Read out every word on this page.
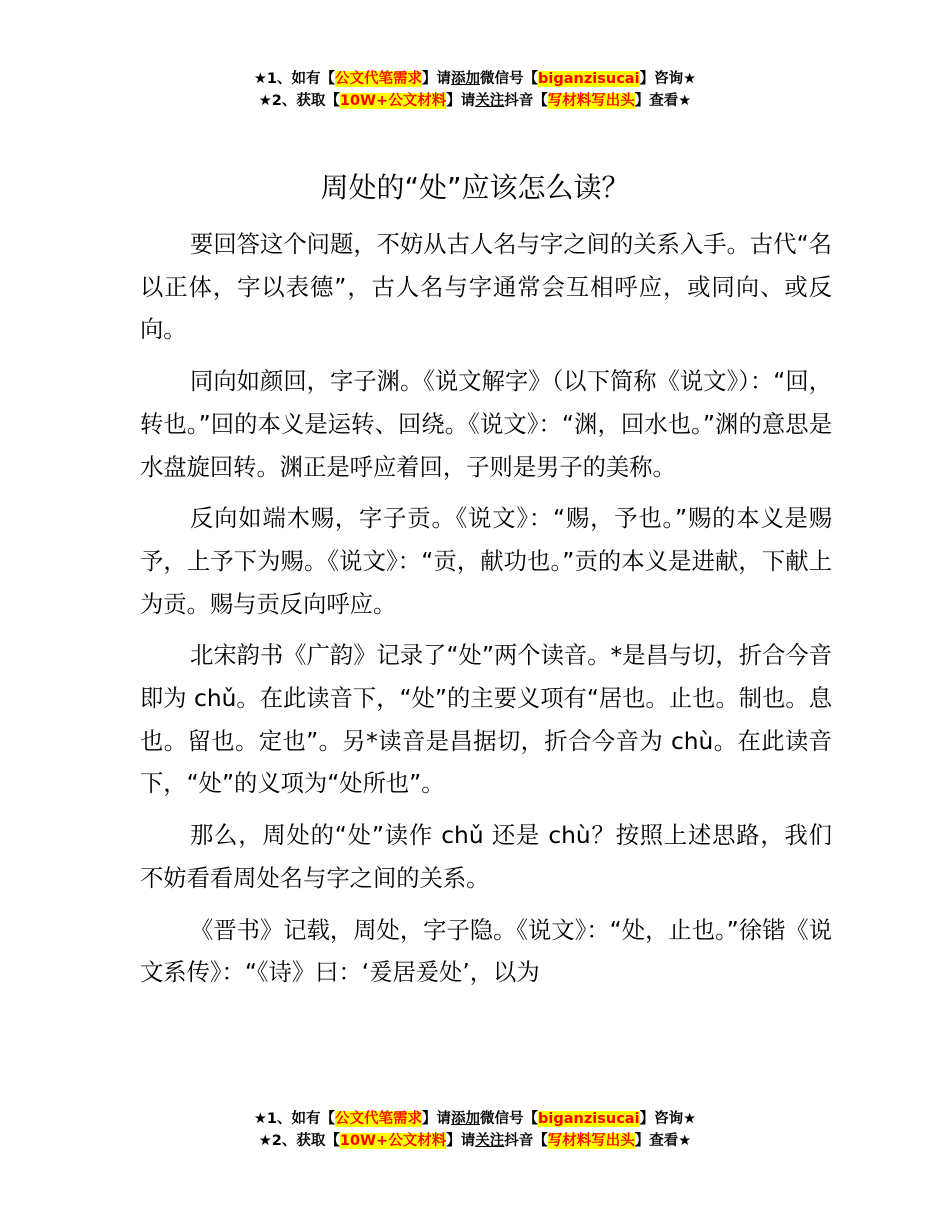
★1、如有【公文代笔需求】请添加微信号【biganzisucai】咨询★
★2、获取【10W+公文材料】请关注抖音【写材料写出头】查看★
周处的“处”应该怎么读？

要回答这个问题，不妨从古人名与字之间的关系入手。古代“名以正体，字以表德”，古人名与字通常会互相呼应，或同向、或反向。

同向如颜回，字子渊。《说文解字》（以下简称《说文》）：“回，转也。”回的本义是运转、回绕。《说文》：“渊，回水也。”渊的意思是水盘旋回转。渊正是呼应着回，子则是男子的美称。

反向如端木赐，字子贡。《说文》：“赐，予也。”赐的本义是赐予，上予下为赐。《说文》：“贡，献功也。”贡的本义是进献，下献上为贡。赐与贡反向呼应。

北宋韵书《广韵》记录了“处”两个读音。*是昌与切，折合今音即为 chǔ。在此读音下，“处”的主要义项有“居也。止也。制也。息也。留也。定也”。另*读音是昌据切，折合今音为 chù。在此读音下，“处”的义项为“处所也”。

那么，周处的“处”读作 chǔ 还是 chù？按照上述思路，我们不妨看看周处名与字之间的关系。

《晋书》记载，周处，字子隐。《说文》：“处，止也。”徐锴《说文系传》：“《诗》曰：‘爰居爰处’，以为

★1、如有【公文代笔需求】请添加微信号【biganzisucai】咨询★
★2、获取【10W+公文材料】请关注抖音【写材料写出头】查看★
